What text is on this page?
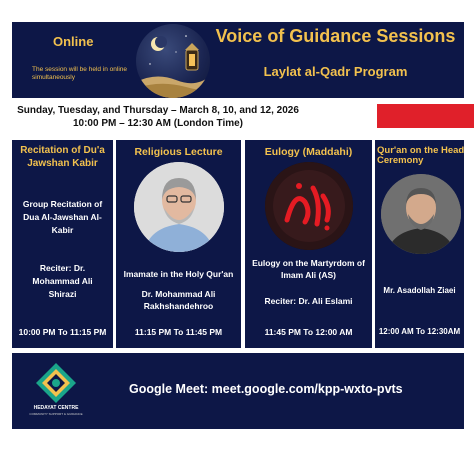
Online
The session will be held in online simultaneously
Voice of Guidance Sessions
Laylat al-Qadr Program
Sunday, Tuesday, and Thursday – March 8, 10, and 12, 2026
10:00 PM – 12:30 AM (London Time)
Recitation of Du'a Jawshan Kabir
Group Recitation of Dua Al-Jawshan Al-Kabir
Reciter: Dr. Mohammad Ali Shirazi
10:00 PM To 11:15 PM
Religious Lecture
Imamate in the Holy Qur'an
Dr. Mohammad Ali Rakhshandehroo
11:15 PM To 11:45 PM
Eulogy (Maddahi)
Eulogy on the Martyrdom of Imam Ali (AS)
Reciter: Dr. Ali Eslami
11:45 PM To 12:00 AM
Qur'an on the Head Ceremony
Mr. Asadollah Ziaei
12:00 AM To 12:30AM
HEDAYAT CENTRE
COMMUNITY SUPPORT & GUIDANCE
Google Meet: meet.google.com/kpp-wxto-pvts
